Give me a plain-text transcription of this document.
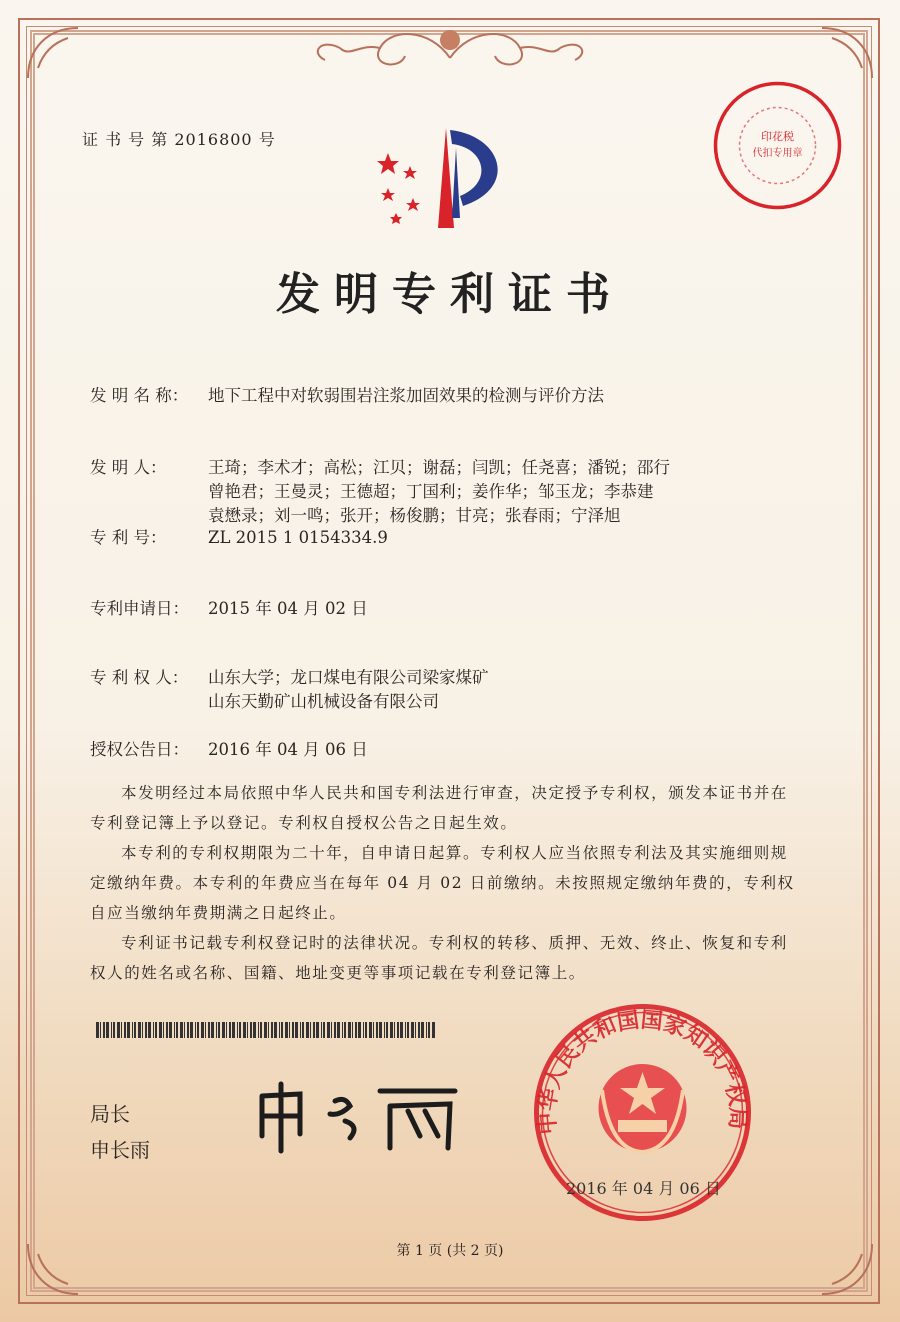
证 书 号 第 2016800 号	印花税
代扣专用章
发明专利证书
发 明 名 称： 地下工程中对软弱围岩注浆加固效果的检测与评价方法
发 明 人：	王琦；李术才；高松；江贝；谢磊；闫凯；任尧喜；潘锐；邵行
曾艳君；王曼灵；王德超；丁国利；姜作华；邹玉龙；李恭建
袁懋录；刘一鸣；张开；杨俊鹏；甘亮；张春雨；宁泽旭
专 利 号：	ZL 2015 1 0154334.9
专利申请日： 2015 年 04 月 02 日
专 利 权 人： 山东大学；龙口煤电有限公司梁家煤矿
山东天勤矿山机械设备有限公司
授权公告日： 2016 年 04 月 06 日

本发明经过本局依照中华人民共和国专利法进行审查，决定授予专利权，颁发本证书并在专利登记簿上予以登记。专利权自授权公告之日起生效。

本专利的专利权期限为二十年，自申请日起算。专利权人应当依照专利法及其实施细则规定缴纳年费。本专利的年费应当在每年 04 月 02 日前缴纳。未按照规定缴纳年费的，专利权自应当缴纳年费期满之日起终止。

专利证书记载专利权登记时的法律状况。专利权的转移、质押、无效、终止、恢复和专利权人的姓名或名称、国籍、地址变更等事项记载在专利登记簿上。

局长
申长雨
中华人民共和国国家知识产权局
2016 年 04 月 06 日
第 1 页 (共 2 页)
